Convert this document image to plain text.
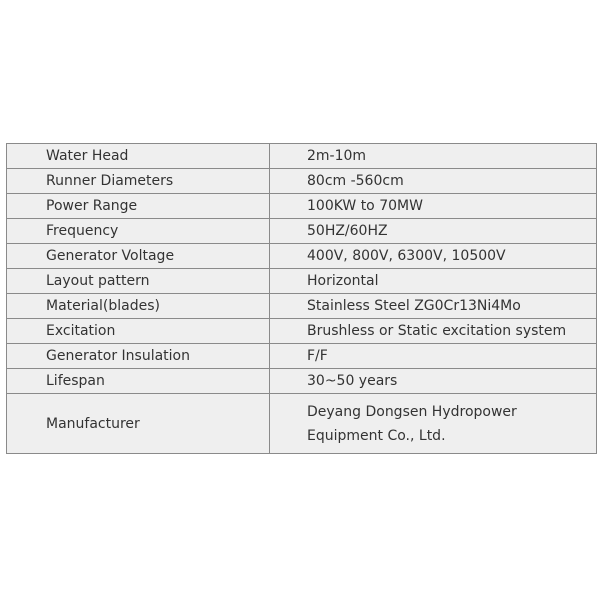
Water Head	2m-10m
Runner Diameters	80cm -560cm
Power Range	100KW to 70MW
Frequency	50HZ/60HZ
Generator Voltage	400V, 800V, 6300V, 10500V
Layout pattern	Horizontal
Material(blades)	Stainless Steel ZG0Cr13Ni4Mo
Excitation	Brushless or Static excitation system
Generator Insulation	F/F
Lifespan	30~50 years
Manufacturer	Deyang Dongsen Hydropower Equipment Co., Ltd.
